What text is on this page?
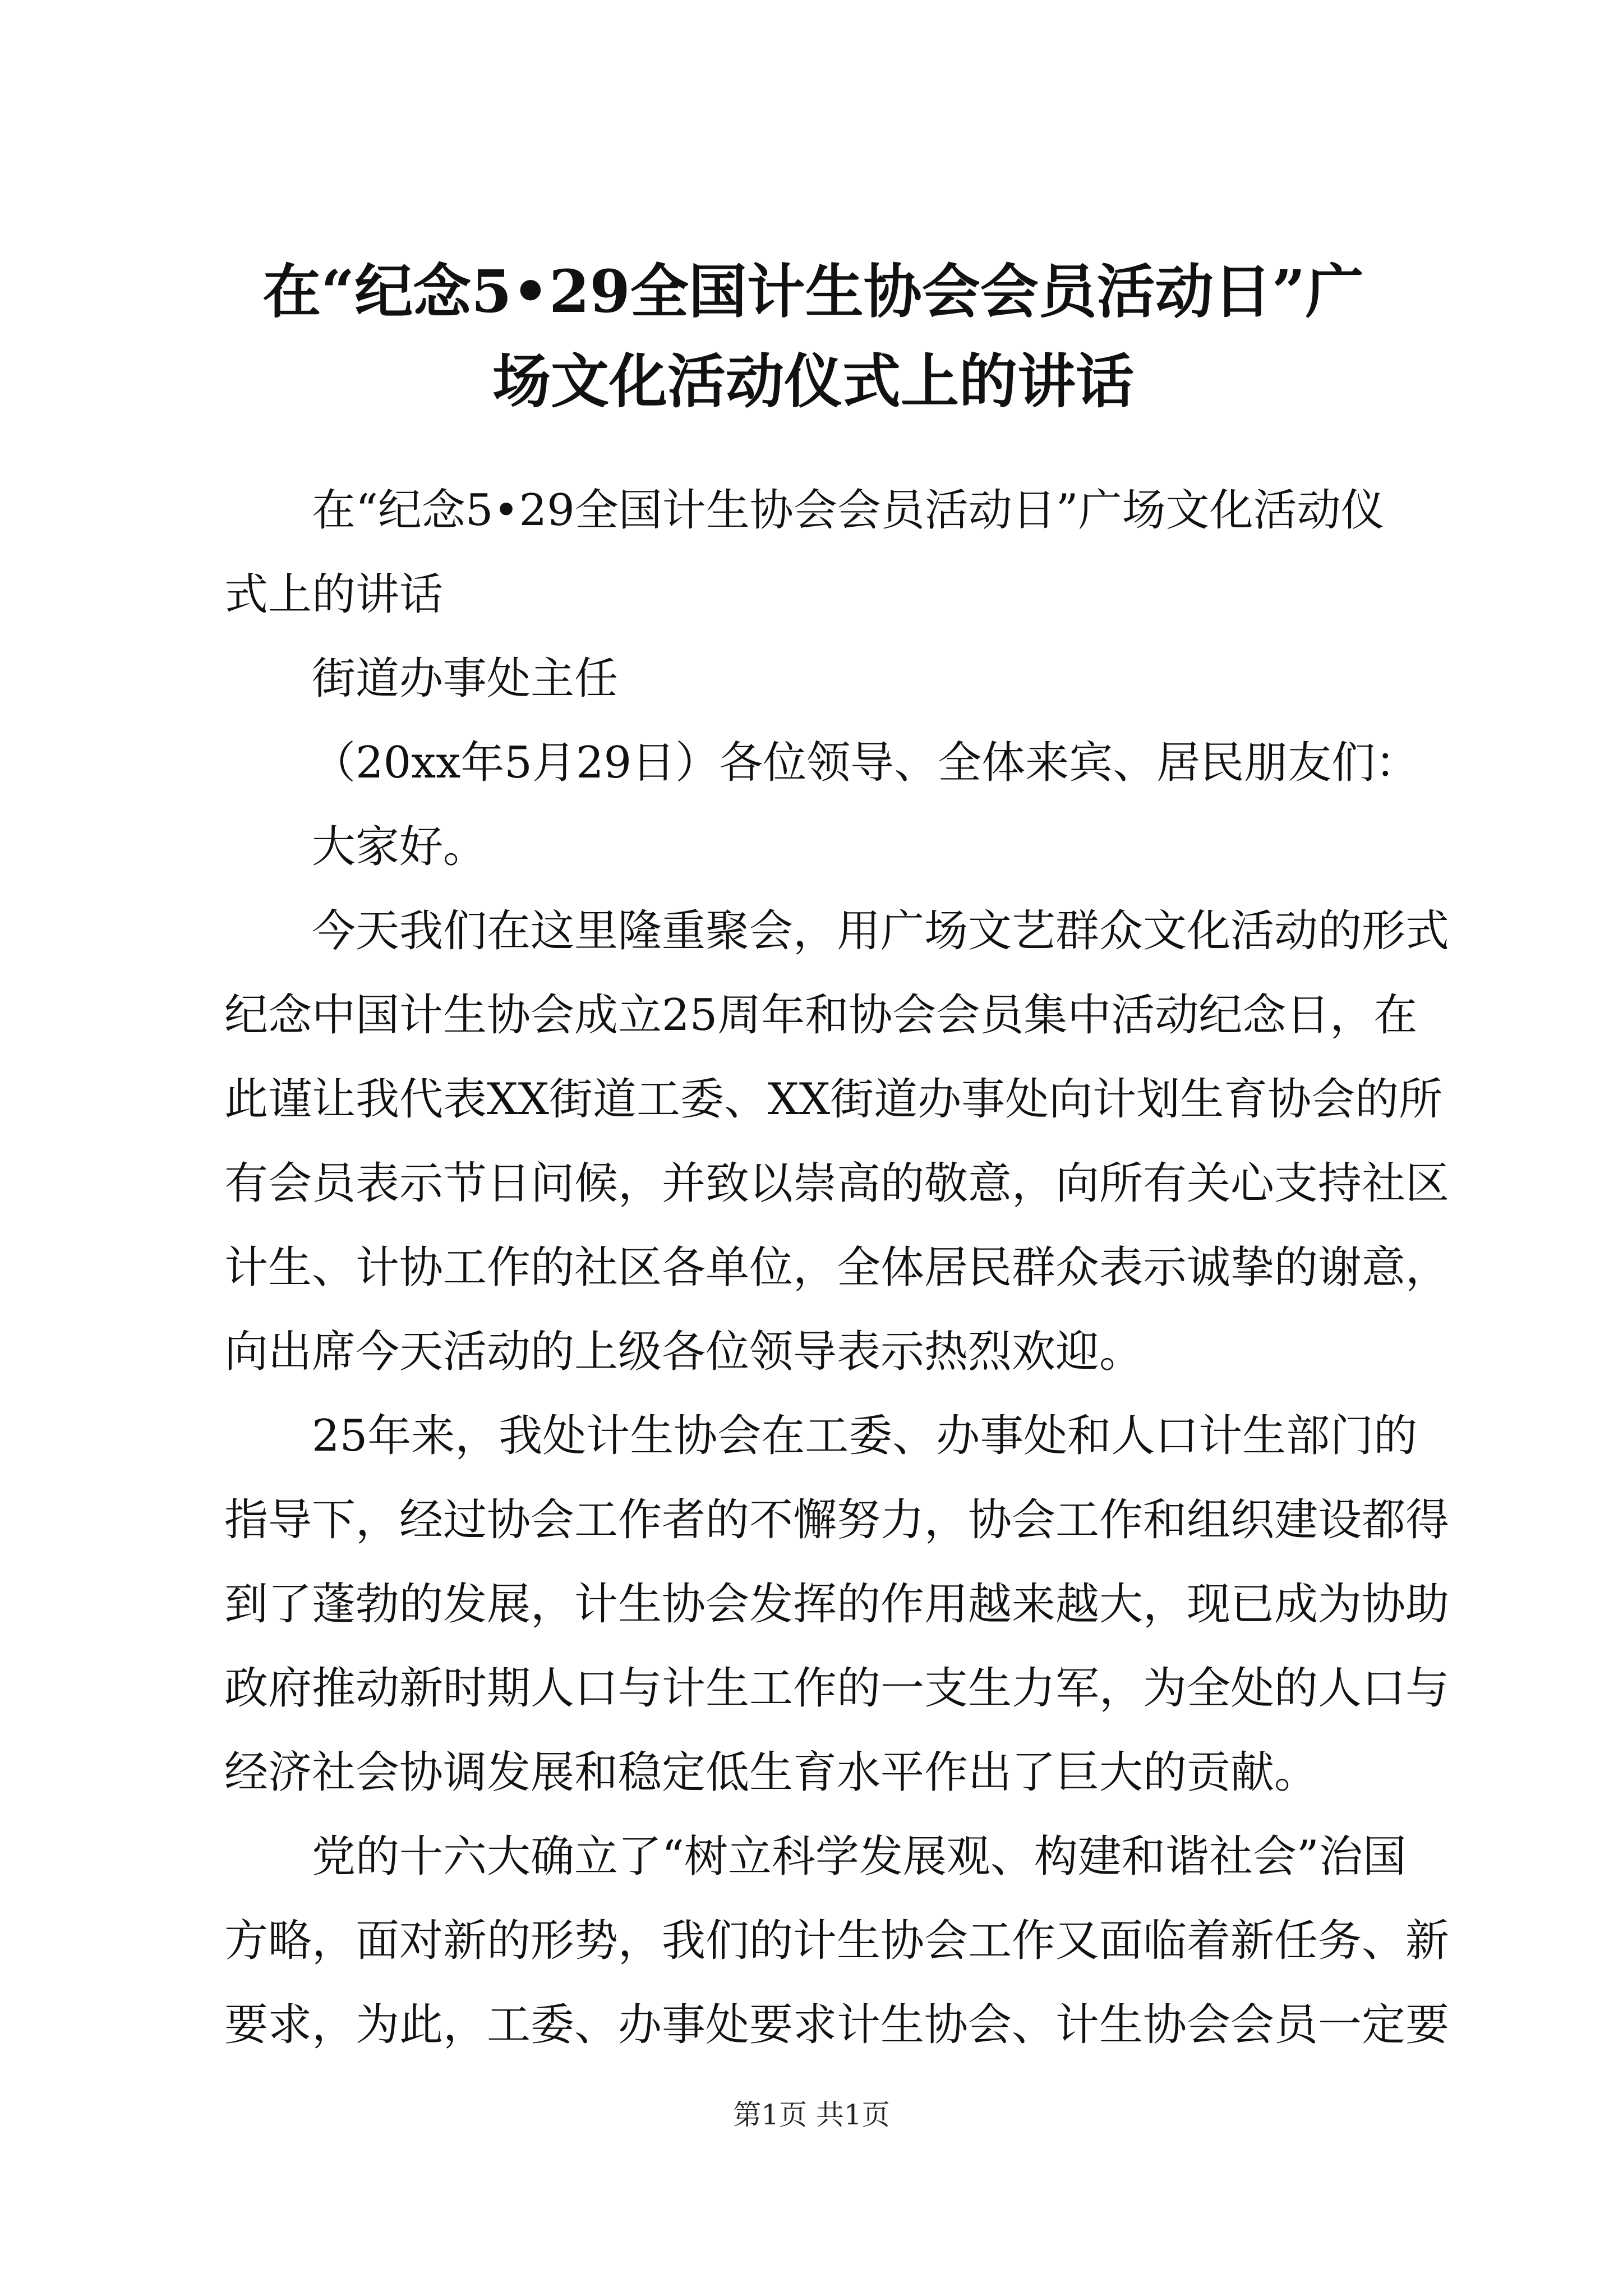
在“纪念5•29全国计生协会会员活动日”广
场文化活动仪式上的讲话

在“纪念5•29全国计生协会会员活动日”广场文化活动仪
式上的讲话

街道办事处主任

（20xx年5月29日）各位领导、全体来宾、居民朋友们：

大家好。

今天我们在这里隆重聚会，用广场文艺群众文化活动的形式
纪念中国计生协会成立25周年和协会会员集中活动纪念日，在
此谨让我代表XX街道工委、XX街道办事处向计划生育协会的所
有会员表示节日问候，并致以崇高的敬意，向所有关心支持社区
计生、计协工作的社区各单位，全体居民群众表示诚挚的谢意，
向出席今天活动的上级各位领导表示热烈欢迎。

25年来，我处计生协会在工委、办事处和人口计生部门的
指导下，经过协会工作者的不懈努力，协会工作和组织建设都得
到了蓬勃的发展，计生协会发挥的作用越来越大，现已成为协助
政府推动新时期人口与计生工作的一支生力军，为全处的人口与
经济社会协调发展和稳定低生育水平作出了巨大的贡献。

党的十六大确立了“树立科学发展观、构建和谐社会”治国
方略，面对新的形势，我们的计生协会工作又面临着新任务、新
要求，为此，工委、办事处要求计生协会、计生协会会员一定要

第1页 共1页
